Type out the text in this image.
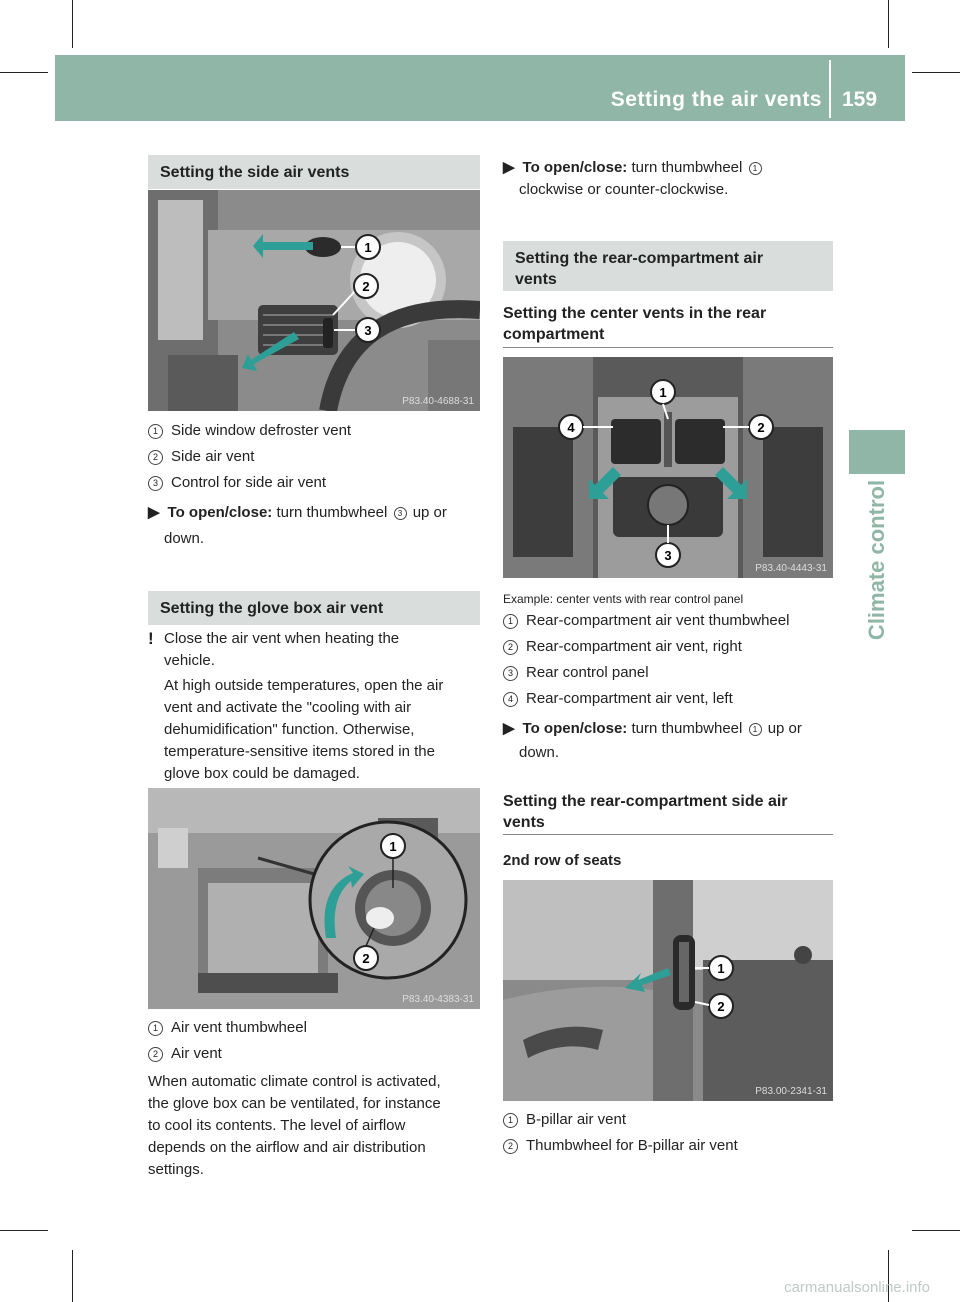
Setting the air vents 159
Climate control
Setting the side air vents
1
2
3
P83.40-4688-31
1 Side window defroster vent
2 Side air vent
3 Control for side air vent
▶ To open/close: turn thumbwheel 3 up or
down.
Setting the glove box air vent
! Close the air vent when heating the
vehicle.
At high outside temperatures, open the air
vent and activate the "cooling with air
dehumidification" function. Otherwise,
temperature-sensitive items stored in the
glove box could be damaged.
1
2
P83.40-4383-31
1 Air vent thumbwheel
2 Air vent
When automatic climate control is activated,
the glove box can be ventilated, for instance
to cool its contents. The level of airflow
depends on the airflow and air distribution
settings.
▶ To open/close: turn thumbwheel 1
clockwise or counter-clockwise.
Setting the rear-compartment air
vents
Setting the center vents in the rear
compartment
1
2
3
4
P83.40-4443-31
Example: center vents with rear control panel
1 Rear-compartment air vent thumbwheel
2 Rear-compartment air vent, right
3 Rear control panel
4 Rear-compartment air vent, left
▶ To open/close: turn thumbwheel 1 up or
down.
Setting the rear-compartment side air
vents
2nd row of seats
1
2
P83.00-2341-31
1 B-pillar air vent
2 Thumbwheel for B-pillar air vent
carmanualsonline.info
